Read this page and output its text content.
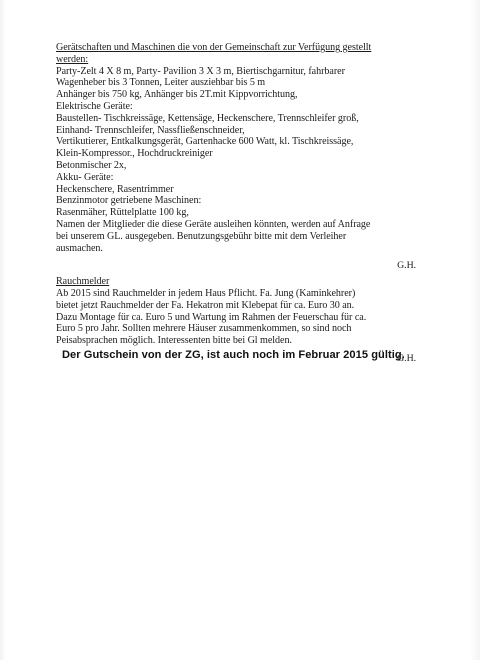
Gerätschaften und Maschinen die von der Gemeinschaft zur Verfügung gestellt
werden:
Party-Zelt 4 X 8 m, Party- Pavilion 3 X 3 m, Biertischgarnitur, fahrbarer
Wagenheber bis 3 Tonnen, Leiter ausziehbar bis 5 m
Anhänger bis 750 kg, Anhänger bis 2T.mit Kippvorrichtung,
Elektrische Geräte:
Baustellen- Tischkreissäge, Kettensäge, Heckenschere, Trennschleifer groß,
Einhand- Trennschleifer, Nassfließenschneider,
Vertikutierer, Entkalkungsgerät, Gartenhacke 600 Watt, kl. Tischkreissäge,
Klein-Kompressor., Hochdruckreiniger
Betonmischer 2x,
Akku- Geräte:
Heckenschere, Rasentrimmer
Benzinmotor getriebene Maschinen:
Rasenmäher, Rüttelplatte 100 kg,
Namen der Mitglieder die diese Geräte ausleihen könnten, werden auf Anfrage
bei unserem GL. ausgegeben. Benutzungsgebühr bitte mit dem Verleiher
ausmachen.
G.H.
Rauchmelder
Ab 2015 sind Rauchmelder in jedem Haus Pflicht. Fa. Jung (Kaminkehrer)
bietet jetzt Rauchmelder der Fa. Hekatron mit Klebepat für ca. Euro 30 an.
Dazu Montage für ca. Euro 5 und Wartung im Rahmen der Feuerschau für ca.
Euro 5 pro Jahr. Sollten mehrere Häuser zusammenkommen, so sind noch
Peisabsprachen möglich. Interessenten bitte bei Gl melden.
G.H.
Der Gutschein von der ZG, ist auch noch im Februar 2015 gültig.
